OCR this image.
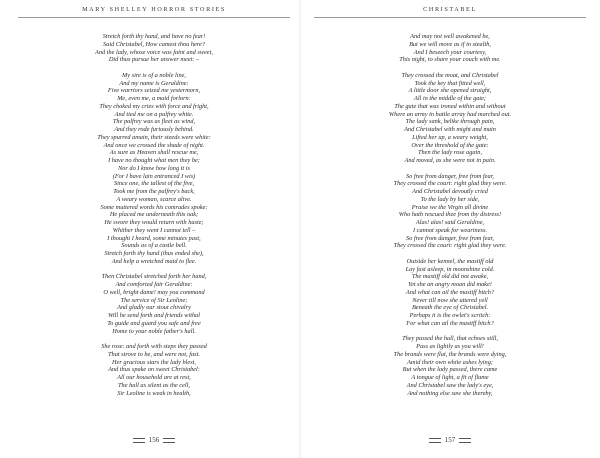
MARY SHELLEY HORROR STORIES
Stretch forth thy hand, and have no fear!
Said Christabel, How camest thou here?
And the lady, whose voice was faint and sweet,
Did thus pursue her answer meet: –
My sire is of a noble line,
And my name is Geraldine:
Five warriors seized me yestermorn,
Me, even me, a maid forlorn:
They choked my cries with force and fright,
And tied me on a palfrey white.
The palfrey was as fleet as wind,
And they rode furiously behind.
They spurred amain, their steeds were white:
And once we crossed the shade of night.
As sure as Heaven shall rescue me,
I have no thought what men they be;
Nor do I know how long it is
(For I have lain entranced I wis)
Since one, the tallest of the five,
Took me from the palfrey's back,
A weary woman, scarce alive.
Some muttered words his comrades spoke:
He placed me underneath this oak;
He swore they would return with haste;
Whither they went I cannot tell –
I thought I heard, some minutes past,
Sounds as of a castle bell.
Stretch forth thy hand (thus ended she),
And help a wretched maid to flee.
Then Christabel stretched forth her hand,
And comforted fair Geraldine:
O well, bright dame! may you command
The service of Sir Leoline;
And gladly our stout chivalry
Will he send forth and friends withal
To guide and guard you safe and free
Home to your noble father's hall.
She rose: and forth with steps they passed
That strove to be, and were not, fast.
Her gracious stars the lady blest,
And thus spake on sweet Christabel:
All our household are at rest,
The hall as silent as the cell,
Sir Leoline is weak in health,
156
CHRISTABEL
And may not well awakened be,
But we will move as if in stealth,
And I beseech your courtesy,
This night, to share your couch with me.
They crossed the moat, and Christabel
Took the key that fitted well,
A little door she opened straight,
All in the middle of the gate;
The gate that was ironed within and without
Where an army in battle array had marched out.
The lady sank, belike through pain,
And Christabel with might and main
Lifted her up, a weary weight,
Over the threshold of the gate:
Then the lady rose again,
And moved, as she were not in pain.
So free from danger, free from fear,
They crossed the court: right glad they were.
And Christabel devoutly cried
To the lady by her side,
Praise we the Virgin all divine
Who hath rescued thee from thy distress!
Alas! alas! said Geraldine,
I cannot speak for weariness.
So free from danger, free from fear,
They crossed the court: right glad they were.
Outside her kennel, the mastiff old
Lay fast asleep, in moonshine cold.
The mastiff old did not awake,
Yet she an angry moan did make!
And what can ail the mastiff bitch?
Never till now she uttered yell
Beneath the eye of Christabel.
Perhaps it is the owlet's scritch:
For what can ail the mastiff bitch?
They passed the hall, that echoes still,
Pass as lightly as you will!
The brands were flat, the brands were dying,
Amid their own white ashes lying;
But when the lady passed, there came
A tongue of light, a fit of flame
And Christabel saw the lady's eye,
And nothing else saw she thereby,
157
